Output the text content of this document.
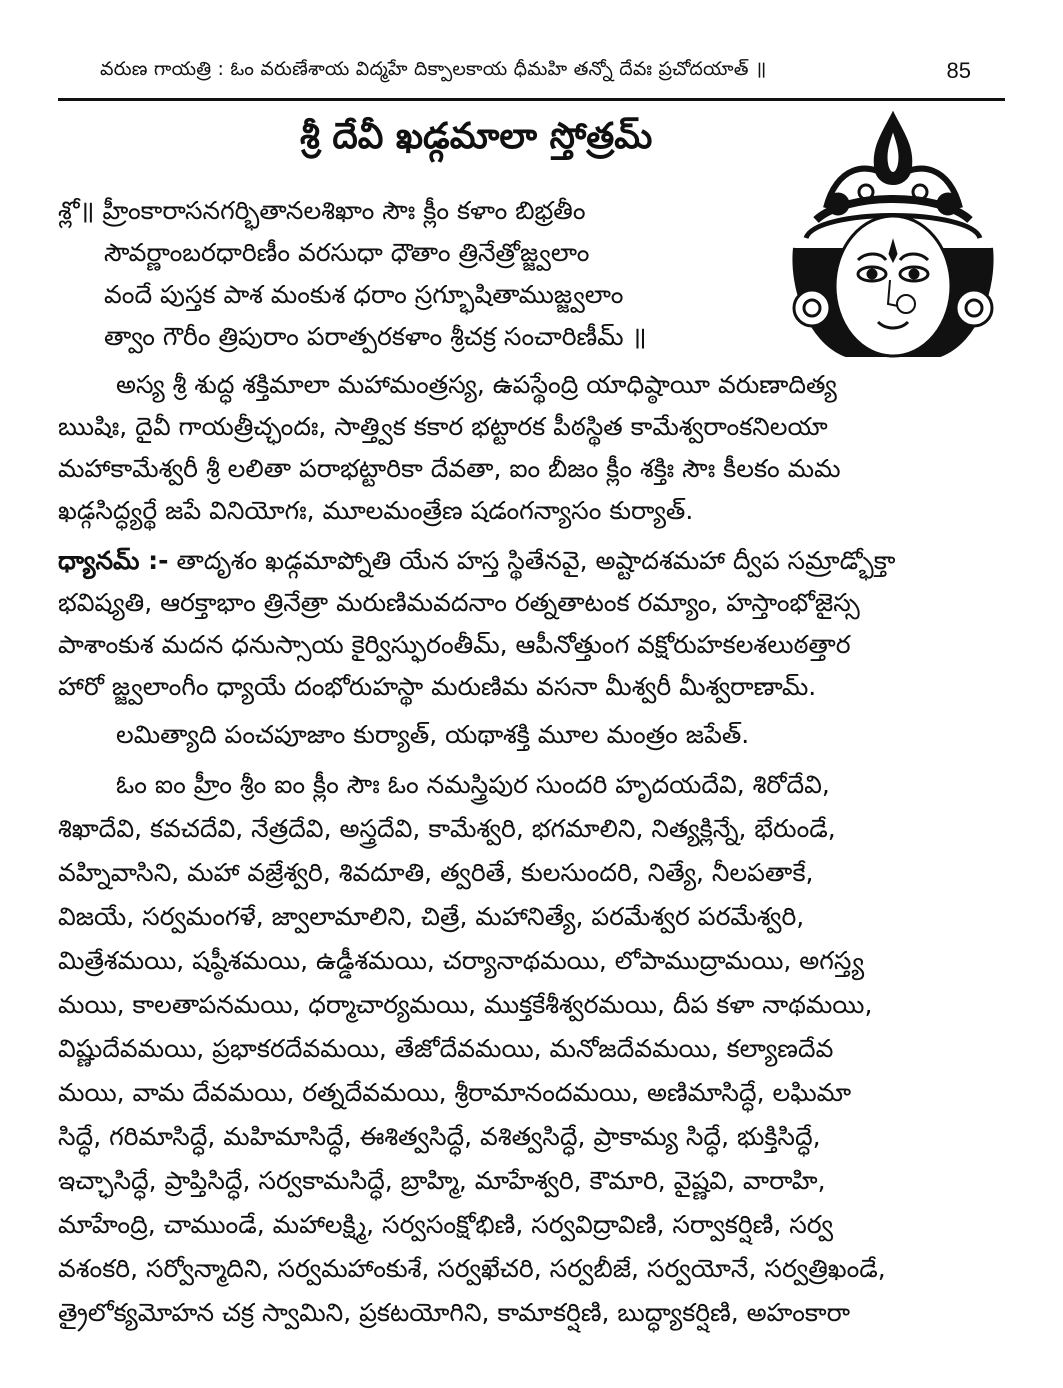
వరుణ గాయత్రి : ఓం వరుణేశాయ విద్మహే దిక్పాలకాయ ధీమహి తన్నో దేవః ప్రచోదయాత్ ॥	85
శ్రీ దేవీ ఖడ్గమాలా స్తోత్రమ్
శ్లో॥ హ్రీంకారాసనగర్భితానలశిఖాం సౌః క్లీం కళాం బిభ్రతీం
సౌవర్ణాంబరధారిణీం వరసుధా ధౌతాం త్రినేత్రోజ్జ్వలాం
వందే పుస్తక పాశ మంకుశ ధరాం స్రగ్భూషితాముజ్జ్వలాం
త్వాం గౌరీం త్రిపురాం పరాత్పరకళాం శ్రీచక్ర సంచారిణీమ్ ॥
అస్య శ్రీ శుద్ధ శక్తిమాలా మహామంత్రస్య, ఉపస్థేంద్రి యాధిష్ఠాయీ వరుణాదిత్య
ఋషిః, దైవీ గాయత్రీచ్ఛందః, సాత్త్విక కకార భట్టారక పీఠస్థిత కామేశ్వరాంకనిలయా
మహాకామేశ్వరీ శ్రీ లలితా పరాభట్టారికా దేవతా, ఐం బీజం క్లీం శక్తిః సౌః కీలకం మమ
ఖడ్గసిద్ధ్యర్థే జపే వినియోగః, మూలమంత్రేణ షడంగన్యాసం కుర్యాత్.
ధ్యానమ్ :- తాదృశం ఖడ్గమాప్నోతి యేన హస్త స్థితేనవై, అష్టాదశమహా ద్వీప సమ్రాడ్భోక్తా
భవిష్యతి, ఆరక్తాభాం త్రినేత్రా మరుణిమవదనాం రత్నతాటంక రమ్యాం, హస్తాంభోజైస్స
పాశాంకుశ మదన ధనుస్సాయ కైర్విస్ఫురంతీమ్, ఆపీనోత్తుంగ వక్షోరుహకలశలుఠత్తార
హారో జ్జ్వలాంగీం ధ్యాయే దంభోరుహస్థా మరుణిమ వసనా మీశ్వరీ మీశ్వరాణామ్.
లమిత్యాది పంచపూజాం కుర్యాత్, యథాశక్తి మూల మంత్రం జపేత్.
ఓం ఐం హ్రీం శ్రీం ఐం క్లీం సౌః ఓం నమస్త్రిపుర సుందరి హృదయదేవి, శిరోదేవి,
శిఖాదేవి, కవచదేవి, నేత్రదేవి, అస్త్రదేవి, కామేశ్వరి, భగమాలిని, నిత్యక్లిన్నే, భేరుండే,
వహ్నివాసిని, మహా వజ్రేశ్వరి, శివదూతి, త్వరితే, కులసుందరి, నిత్యే, నీలపతాకే,
విజయే, సర్వమంగళే, జ్వాలామాలిని, చిత్రే, మహానిత్యే, పరమేశ్వర పరమేశ్వరి,
మిత్రేశమయి, షష్ఠీశమయి, ఉడ్డీశమయి, చర్యానాథమయి, లోపాముద్రామయి, అగస్త్య
మయి, కాలతాపనమయి, ధర్మాచార్యమయి, ముక్తకేశీశ్వరమయి, దీప కళా నాథమయి,
విష్ణుదేవమయి, ప్రభాకరదేవమయి, తేజోదేవమయి, మనోజదేవమయి, కల్యాణదేవ
మయి, వామ దేవమయి, రత్నదేవమయి, శ్రీరామానందమయి, అణిమాసిద్ధే, లఘిమా
సిద్ధే, గరిమాసిద్ధే, మహిమాసిద్ధే, ఈశిత్వసిద్ధే, వశిత్వసిద్ధే, ప్రాకామ్య సిద్ధే, భుక్తిసిద్ధే,
ఇచ్ఛాసిద్ధే, ప్రాప్తిసిద్ధే, సర్వకామసిద్ధే, బ్రాహ్మి, మాహేశ్వరి, కౌమారి, వైష్ణవి, వారాహి,
మాహేంద్రి, చాముండే, మహాలక్ష్మి, సర్వసంక్షోభిణి, సర్వవిద్రావిణి, సర్వాకర్షిణి, సర్వ
వశంకరి, సర్వోన్మాదిని, సర్వమహాంకుశే, సర్వఖేచరి, సర్వబీజే, సర్వయోనే, సర్వత్రిఖండే,
త్రైలోక్యమోహన చక్ర స్వామిని, ప్రకటయోగిని, కామాకర్షిణి, బుద్ధ్యాకర్షిణి, అహంకారా
